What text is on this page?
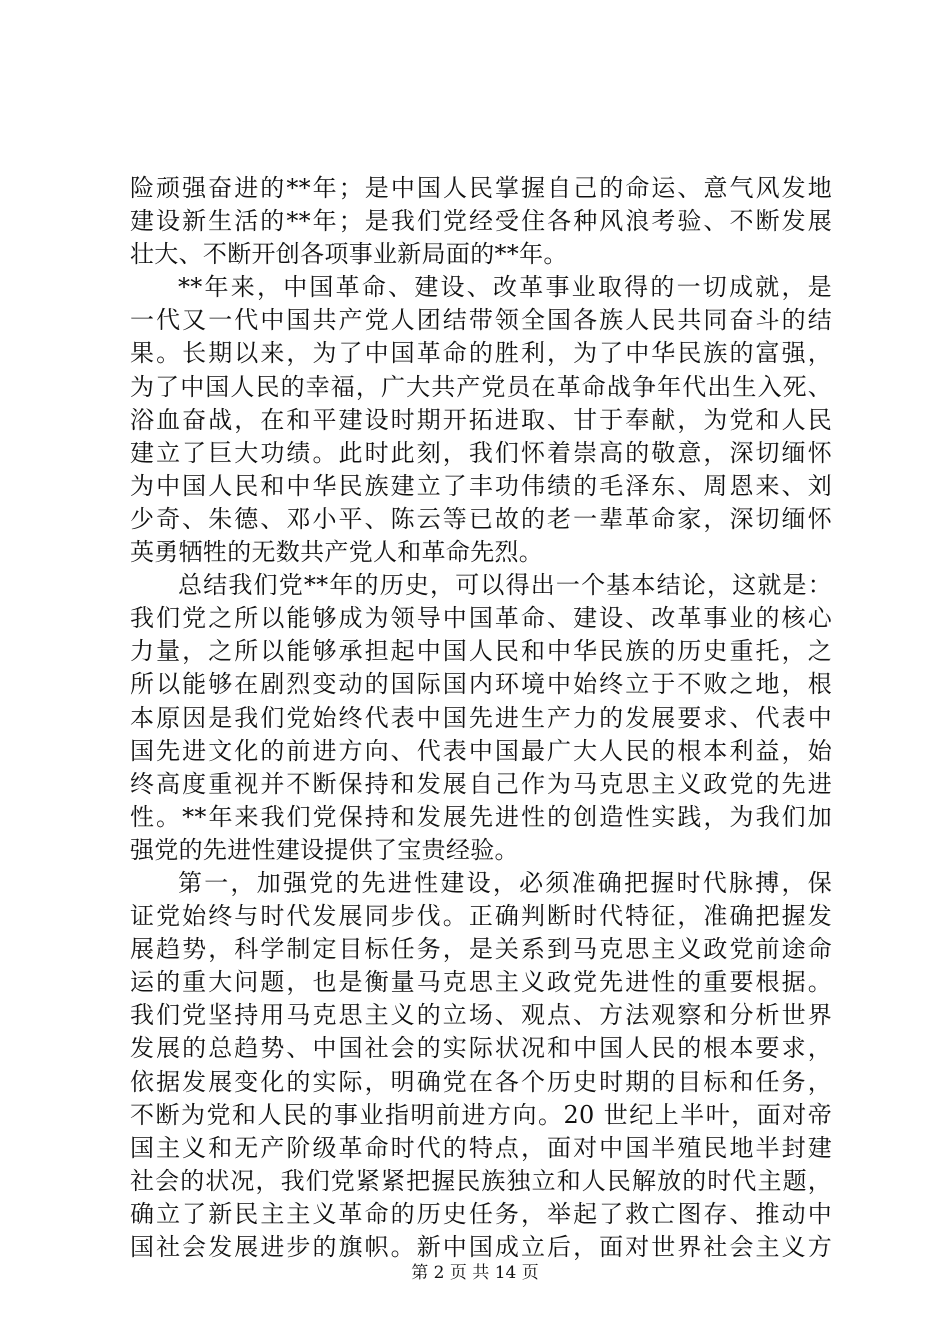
险顽强奋进的**年；是中国人民掌握自己的命运、意气风发地
建设新生活的**年；是我们党经受住各种风浪考验、不断发展
壮大、不断开创各项事业新局面的**年。
**年来，中国革命、建设、改革事业取得的一切成就，是
一代又一代中国共产党人团结带领全国各族人民共同奋斗的结
果。长期以来，为了中国革命的胜利，为了中华民族的富强，
为了中国人民的幸福，广大共产党员在革命战争年代出生入死、
浴血奋战，在和平建设时期开拓进取、甘于奉献，为党和人民
建立了巨大功绩。此时此刻，我们怀着崇高的敬意，深切缅怀
为中国人民和中华民族建立了丰功伟绩的毛泽东、周恩来、刘
少奇、朱德、邓小平、陈云等已故的老一辈革命家，深切缅怀
英勇牺牲的无数共产党人和革命先烈。
总结我们党**年的历史，可以得出一个基本结论，这就是：
我们党之所以能够成为领导中国革命、建设、改革事业的核心
力量，之所以能够承担起中国人民和中华民族的历史重托，之
所以能够在剧烈变动的国际国内环境中始终立于不败之地，根
本原因是我们党始终代表中国先进生产力的发展要求、代表中
国先进文化的前进方向、代表中国最广大人民的根本利益，始
终高度重视并不断保持和发展自己作为马克思主义政党的先进
性。**年来我们党保持和发展先进性的创造性实践，为我们加
强党的先进性建设提供了宝贵经验。
第一，加强党的先进性建设，必须准确把握时代脉搏，保
证党始终与时代发展同步伐。正确判断时代特征，准确把握发
展趋势，科学制定目标任务，是关系到马克思主义政党前途命
运的重大问题，也是衡量马克思主义政党先进性的重要根据。
我们党坚持用马克思主义的立场、观点、方法观察和分析世界
发展的总趋势、中国社会的实际状况和中国人民的根本要求，
依据发展变化的实际，明确党在各个历史时期的目标和任务，
不断为党和人民的事业指明前进方向。20 世纪上半叶，面对帝
国主义和无产阶级革命时代的特点，面对中国半殖民地半封建
社会的状况，我们党紧紧把握民族独立和人民解放的时代主题，
确立了新民主主义革命的历史任务，举起了救亡图存、推动中
国社会发展进步的旗帜。新中国成立后，面对世界社会主义方
第 2 页 共 14 页
